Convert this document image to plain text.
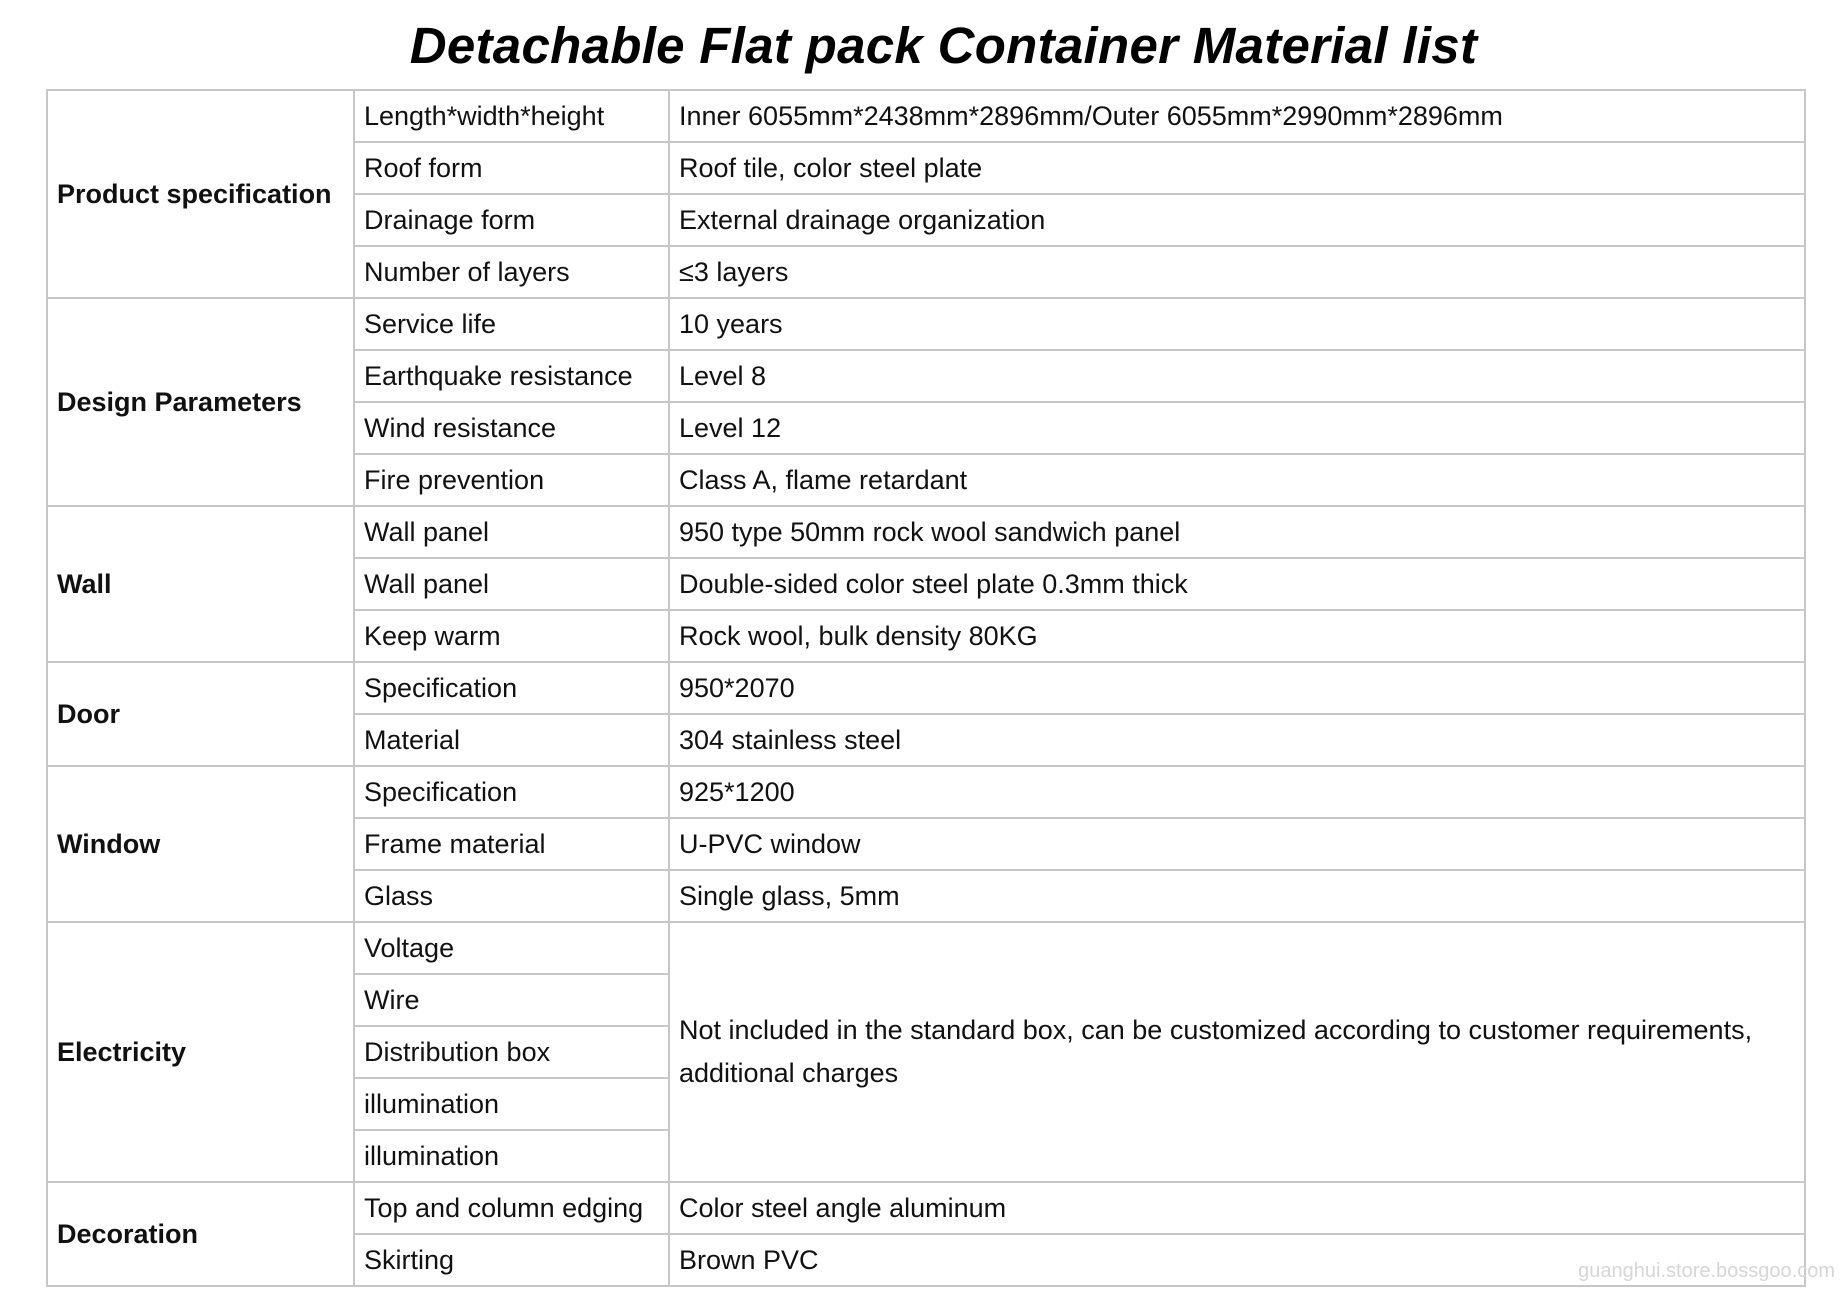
Detachable Flat pack Container Material list
Product specification	Length*width*height	Inner 6055mm*2438mm*2896mm/Outer 6055mm*2990mm*2896mm
	Roof form	Roof tile, color steel plate
	Drainage form	External drainage organization
	Number of layers	≤3 layers
Design Parameters	Service life	10 years
	Earthquake resistance	Level 8
	Wind resistance	Level 12
	Fire prevention	Class A, flame retardant
Wall	Wall panel	950 type 50mm rock wool sandwich panel
	Wall panel	Double-sided color steel plate 0.3mm thick
	Keep warm	Rock wool, bulk density 80KG
Door	Specification	950*2070
	Material	304 stainless steel
Window	Specification	925*1200
	Frame material	U-PVC window
	Glass	Single glass, 5mm
Electricity	Voltage	Not included in the standard box, can be customized according to customer requirements, additional charges
	Wire	
	Distribution box	
	illumination	
	illumination	
Decoration	Top and column edging	Color steel angle aluminum
	Skirting	Brown PVC	guanghui.store.bossgoo.com
